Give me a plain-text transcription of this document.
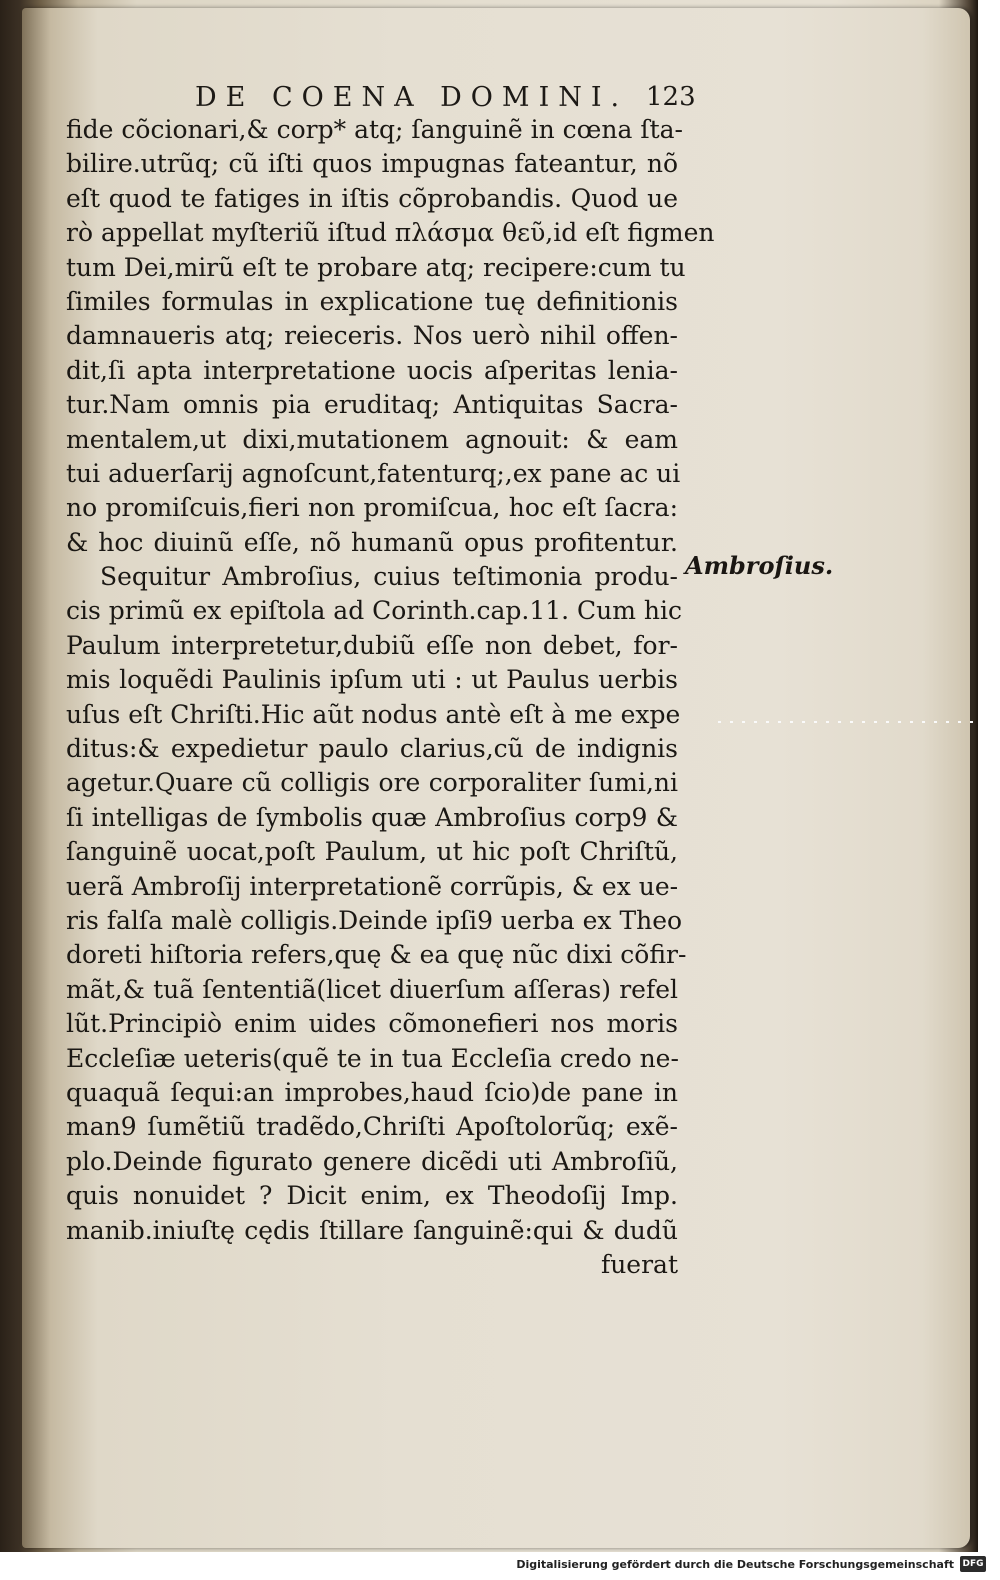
DE COENA DOMINI. 123
fide cõcionari,& corp* atq; ſanguinẽ in cœna ſta-
bilire.utrũq; cũ iſti quos impugnas fateantur, nõ
eſt quod te fatiges in iſtis cõprobandis. Quod ue
rò appellat myſteriũ iſtud πλάσμα θεῦ,id eſt figmen
tum Dei,mirũ eſt te probare atq; recipere:cum tu
ſimiles formulas in explicatione tuę definitionis
damnaueris atq; reieceris. Nos uerò nihil offen-
dit,ſi apta interpretatione uocis aſperitas lenia-
tur.Nam omnis pia eruditaq; Antiquitas Sacra-
mentalem,ut dixi,mutationem agnouit: & eam
tui aduerſarij agnoſcunt,fatenturq;,ex pane ac ui
no promiſcuis,fieri non promiſcua, hoc eſt ſacra:
& hoc diuinũ eſſe, nõ humanũ opus profitentur.
Sequitur Ambroſius, cuius teſtimonia produ-
cis primũ ex epiſtola ad Corinth.cap.11. Cum hic
Paulum interpretetur,dubiũ eſſe non debet, for-
mis loquẽdi Paulinis ipſum uti : ut Paulus uerbis
uſus eſt Chriſti.Hic aũt nodus antè eſt à me expe
ditus:& expedietur paulo clarius,cũ de indignis
agetur.Quare cũ colligis ore corporaliter ſumi,ni
ſi intelligas de ſymbolis quæ Ambroſius corp9 &
ſanguinẽ uocat,poſt Paulum, ut hic poſt Chriſtũ,
uerã Ambroſij interpretationẽ corrũpis, & ex ue-
ris falſa malè colligis.Deinde ipſi9 uerba ex Theo
doreti hiſtoria refers,quę & ea quę nũc dixi cõfir-
mãt,& tuã ſententiã(licet diuerſum aſſeras) refel
lũt.Principiò enim uides cõmonefieri nos moris
Eccleſiæ ueteris(quẽ te in tua Eccleſia credo ne-
quaquã ſequi:an improbes,haud ſcio)de pane in
man9 ſumẽtiũ tradẽdo,Chriſti Apoſtolorũq; exẽ-
plo.Deinde figurato genere dicẽdi uti Ambroſiũ,
quis nonuidet ? Dicit enim, ex Theodoſij Imp.
manib.iniuſtę cędis ſtillare ſanguinẽ:qui & dudũ
fuerat
Ambroſius.
Digitalisierung gefördert durch die Deutsche Forschungsgemeinschaft DFG
